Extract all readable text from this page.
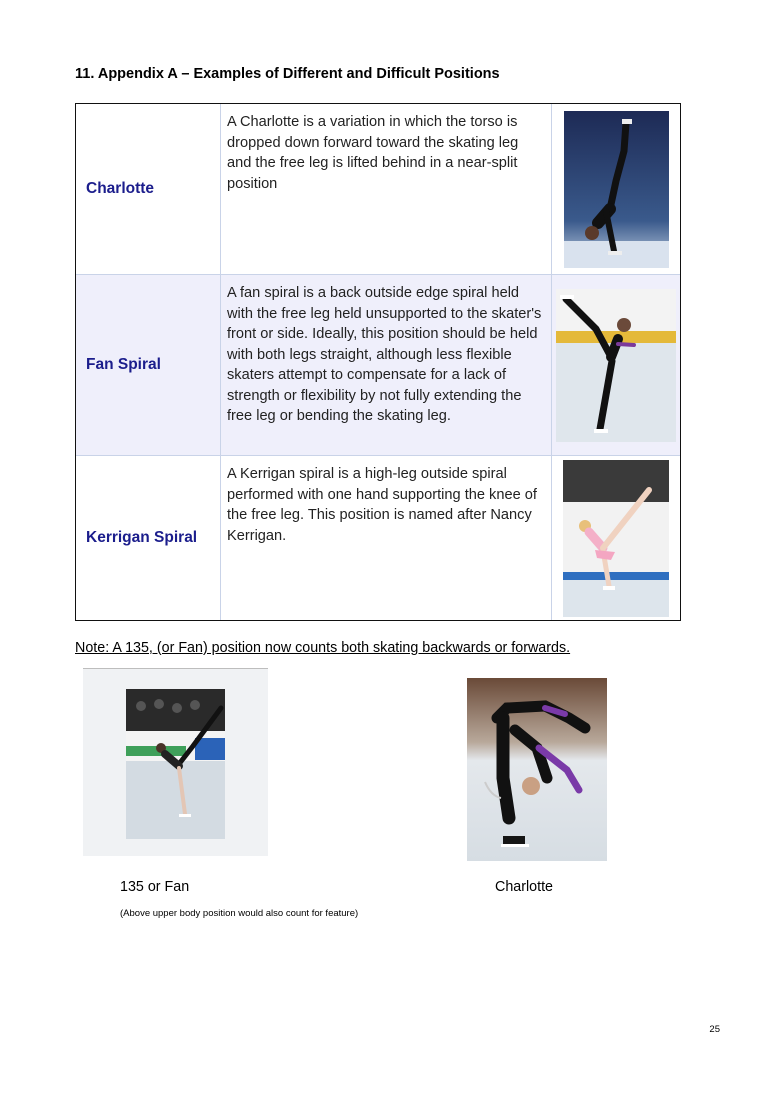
11. Appendix A – Examples of Different and Difficult Positions
Charlotte
A Charlotte is a variation in which the torso is dropped down forward toward the skating leg and the free leg is lifted behind in a near-split position
Fan Spiral
A fan spiral is a back outside edge spiral held with the free leg held unsupported to the skater's front or side. Ideally, this position should be held with both legs straight, although less flexible skaters attempt to compensate for a lack of strength or flexibility by not fully extending the free leg or bending the skating leg.
Kerrigan Spiral
A Kerrigan spiral is a high-leg outside spiral performed with one hand supporting the knee of the free leg. This position is named after Nancy Kerrigan.
Note: A 135, (or Fan) position now counts both skating backwards or forwards.
135 or Fan	Charlotte
(Above upper body position would also count for feature)
25
